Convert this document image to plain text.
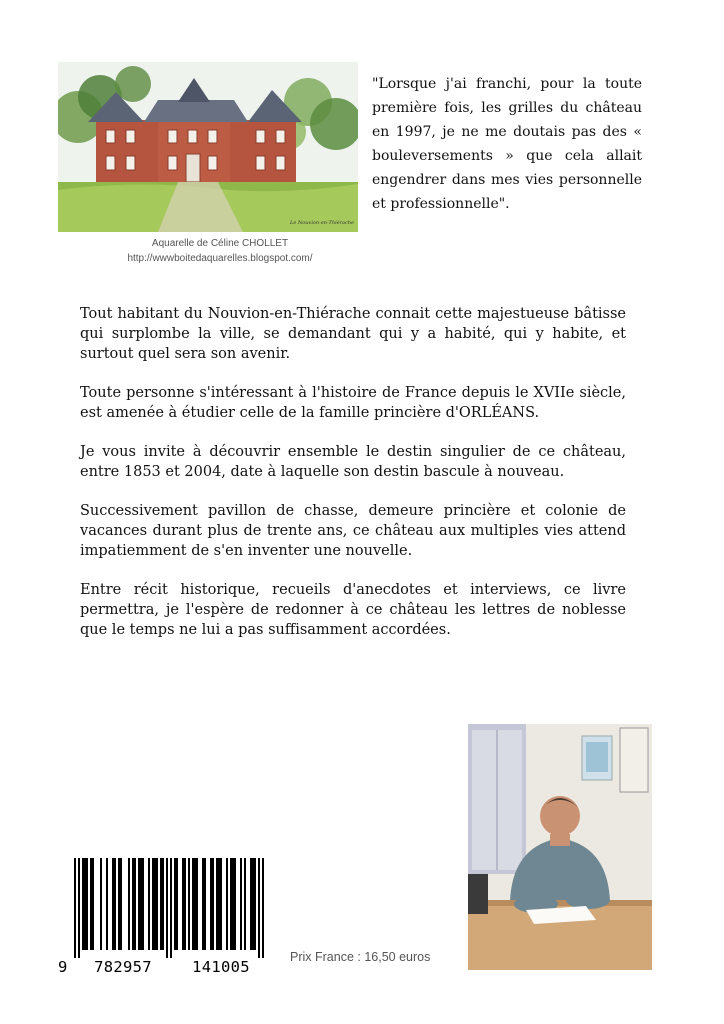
Le Nouvion-en-Thiérache
Aquarelle de Céline CHOLLET
http://wwwboitedaquarelles.blogspot.com/
"Lorsque j'ai franchi, pour la toute première fois, les grilles du château en 1997, je ne me doutais pas des « bouleversements » que cela allait engendrer dans mes vies personnelle et professionnelle".

Tout habitant du Nouvion-en-Thiérache connait cette majestueuse bâtisse qui surplombe la ville, se demandant qui y a habité, qui y habite, et surtout quel sera son avenir.

Toute personne s'intéressant à l'histoire de France depuis le XVIIe siècle, est amenée à étudier celle de la famille princière d'ORLÉANS.

Je vous invite à découvrir ensemble le destin singulier de ce château, entre 1853 et 2004, date à laquelle son destin bascule à nouveau.

Successivement pavillon de chasse, demeure princière et colonie de vacances durant plus de trente ans, ce château aux multiples vies attend impatiemment de s'en inventer une nouvelle.

Entre récit historique, recueils d'anecdotes et interviews, ce livre permettra, je l'espère de redonner à ce château les lettres de noblesse que le temps ne lui a pas suffisamment accordées.

9	782957	141005
Prix France : 16,50 euros
